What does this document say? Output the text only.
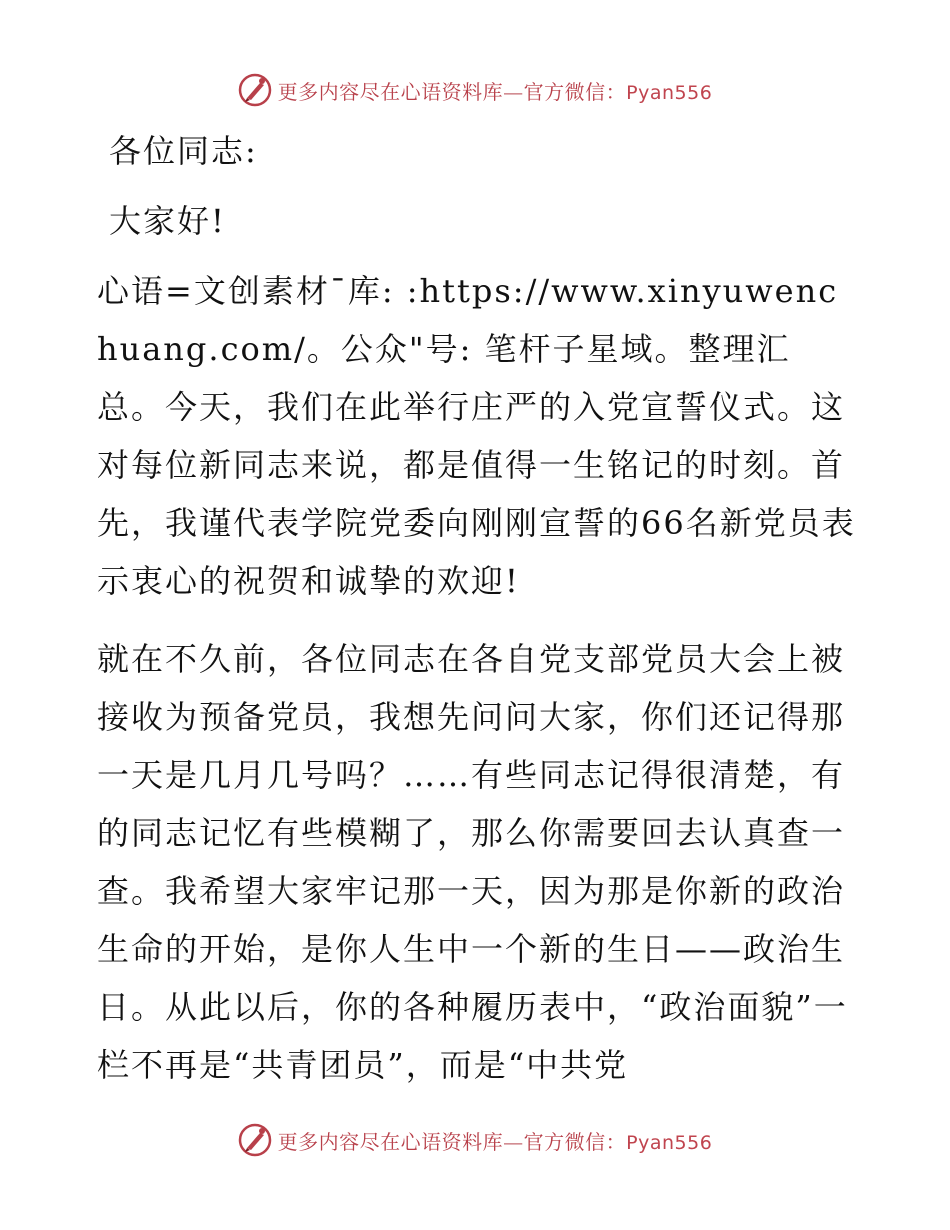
更多内容尽在心语资料库—官方微信：Pyan556

各位同志:

大家好!

心语=文创素材¯库: :https://www.xinyuwenchuang.com/。公众"号: 笔杆子星域。整理汇总。今天，我们在此举行庄严的入党宣誓仪式。这对每位新同志来说，都是值得一生铭记的时刻。首先，我谨代表学院党委向刚刚宣誓的66名新党员表示衷心的祝贺和诚挚的欢迎!

就在不久前，各位同志在各自党支部党员大会上被接收为预备党员，我想先问问大家，你们还记得那一天是几月几号吗？……有些同志记得很清楚，有的同志记忆有些模糊了，那么你需要回去认真查一查。我希望大家牢记那一天，因为那是你新的政治生命的开始，是你人生中一个新的生日——政治生日。从此以后，你的各种履历表中，“政治面貌”一栏不再是“共青团员”，而是“中共党

更多内容尽在心语资料库—官方微信：Pyan556
